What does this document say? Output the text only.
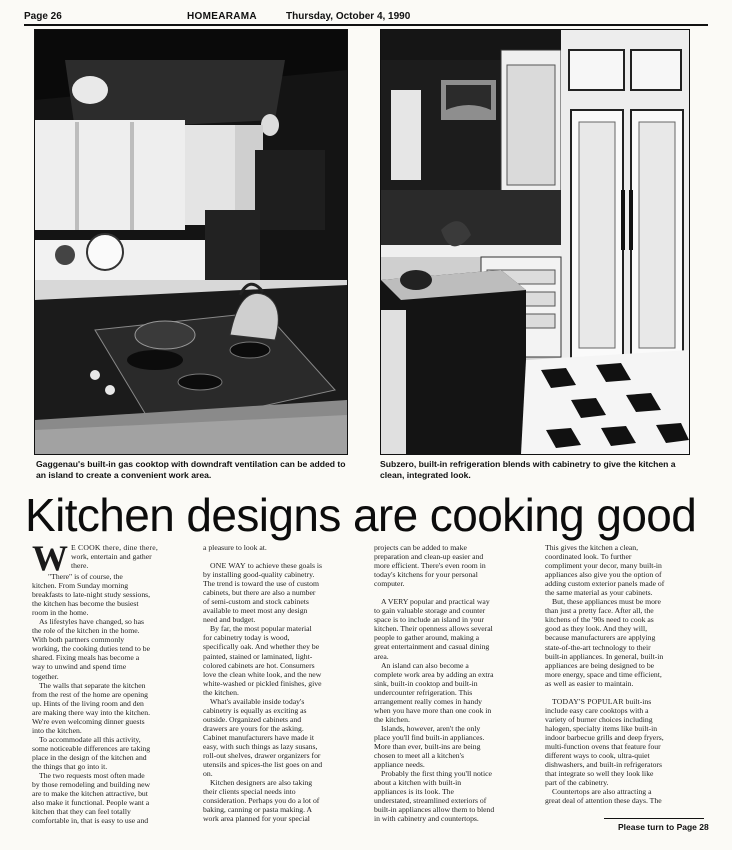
Page 26	HOMEARAMA	Thursday, October 4, 1990
Gaggenau's built-in gas cooktop with downdraft ventilation can be added to an island to create a convenient work area.
Subzero, built-in refrigeration blends with cabinetry to give the kitchen a clean, integrated look.
Kitchen designs are cooking good

W E COOK there, dine there,
work, entertain and gather
there.

"There" is of course, the
kitchen. From Sunday morning
breakfasts to late-night study sessions,
the kitchen has become the busiest
room in the home.

As lifestyles have changed, so has
the role of the kitchen in the home.
With both partners commonly
working, the cooking duties tend to be
shared. Fixing meals has become a
way to unwind and spend time
together.

The walls that separate the kitchen
from the rest of the home are opening
up. Hints of the living room and den
are making there way into the kitchen.
We're even welcoming dinner guests
into the kitchen.

To accommodate all this activity,
some noticeable differences are taking
place in the design of the kitchen and
the things that go into it.

The two requests most often made
by those remodeling and building new
are to make the kitchen attractive, but
also make it functional. People want a
kitchen that they can feel totally
comfortable in, that is easy to use and

a pleasure to look at.

ONE WAY to achieve these goals is
by installing good-quality cabinetry.
The trend is toward the use of custom
cabinets, but there are also a number
of semi-custom and stock cabinets
available to meet most any design
need and budget.

By far, the most popular material
for cabinetry today is wood,
specifically oak. And whether they be
painted, stained or laminated, light-
colored cabinets are hot. Consumers
love the clean white look, and the new
white-washed or pickled finishes, give
the kitchen.

What's available inside today's
cabinetry is equally as exciting as
outside. Organized cabinets and
drawers are yours for the asking.
Cabinet manufacturers have made it
easy, with such things as lazy susans,
roll-out shelves, drawer organizers for
utensils and spices-the list goes on and
on.

Kitchen designers are also taking
their clients special needs into
consideration. Perhaps you do a lot of
baking, canning or pasta making. A
work area planned for your special

projects can be added to make
preparation and clean-up easier and
more efficient. There's even room in
today's kitchens for your personal
computer.

A VERY popular and practical way
to gain valuable storage and counter
space is to include an island in your
kitchen. Their openness allows several
people to gather around, making a
great entertainment and casual dining
area.

An island can also become a
complete work area by adding an extra
sink, built-in cooktop and built-in
undercounter refrigeration. This
arrangement really comes in handy
when you have more than one cook in
the kitchen.

Islands, however, aren't the only
place you'll find built-in appliances.
More than ever, built-ins are being
chosen to meet all a kitchen's
appliance needs.

Probably the first thing you'll notice
about a kitchen with built-in
appliances is its look. The
understated, streamlined exteriors of
built-in appliances allow them to blend
in with cabinetry and countertops.

This gives the kitchen a clean,
coordinated look. To further
compliment your decor, many built-in
appliances also give you the option of
adding custom exterior panels made of
the same material as your cabinets.

But, these appliances must be more
than just a pretty face. After all, the
kitchens of the '90s need to cook as
good as they look. And they will,
because manufacturers are applying
state-of-the-art technology to their
built-in appliances. In general, built-in
appliances are being designed to be
more energy, space and time efficient,
as well as easier to maintain.

TODAY'S POPULAR built-ins
include easy care cooktops with a
variety of burner choices including
halogen, specialty items like built-in
indoor barbecue grills and deep fryers,
multi-function ovens that feature four
different ways to cook, ultra-quiet
dishwashers, and built-in refrigerators
that integrate so well they look like
part of the cabinetry.

Countertops are also attracting a
great deal of attention these days. The

Please turn to Page 28
